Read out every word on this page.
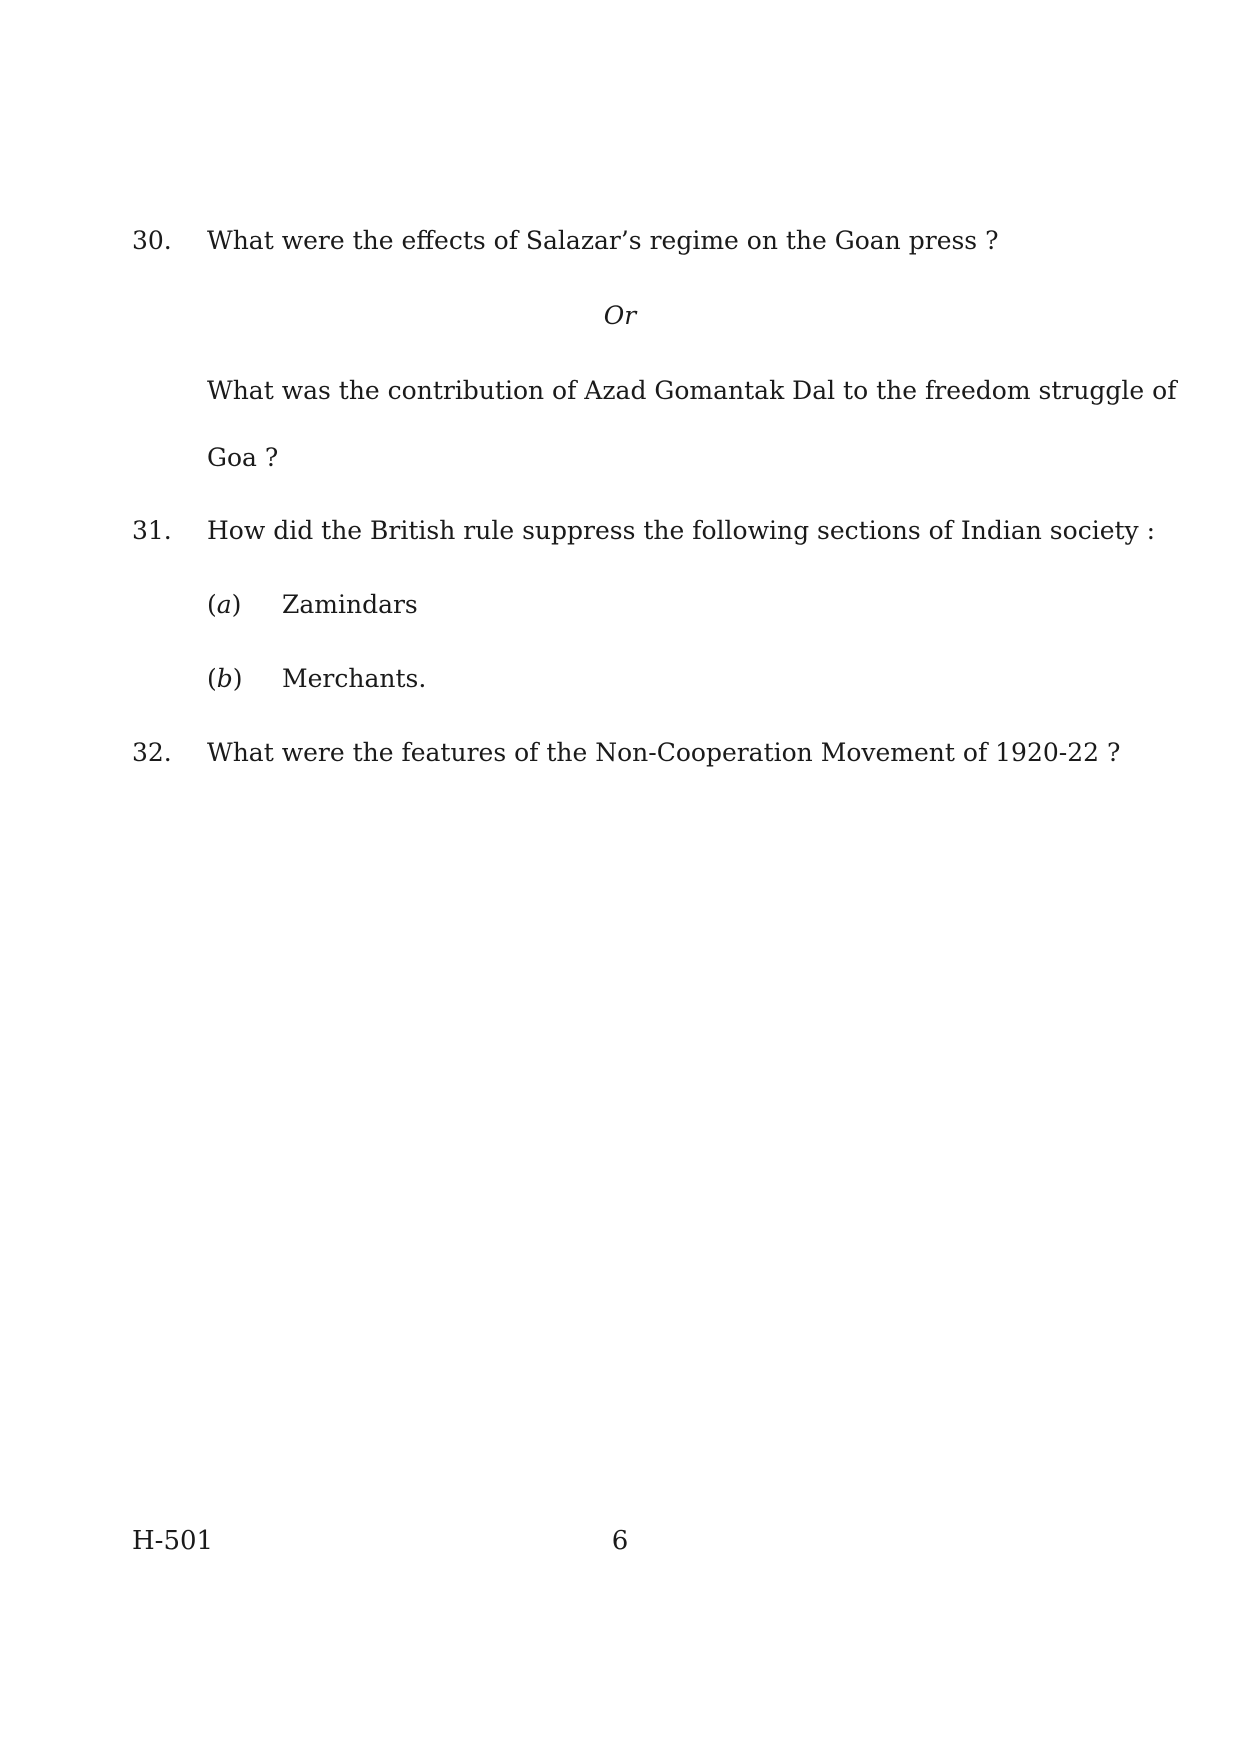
30. What were the effects of Salazar’s regime on the Goan press ?
Or
What was the contribution of Azad Gomantak Dal to the freedom struggle of
Goa ?
31. How did the British rule suppress the following sections of Indian society :
(a) Zamindars
(b) Merchants.
32. What were the features of the Non-Cooperation Movement of 1920-22 ?
H-501	6
